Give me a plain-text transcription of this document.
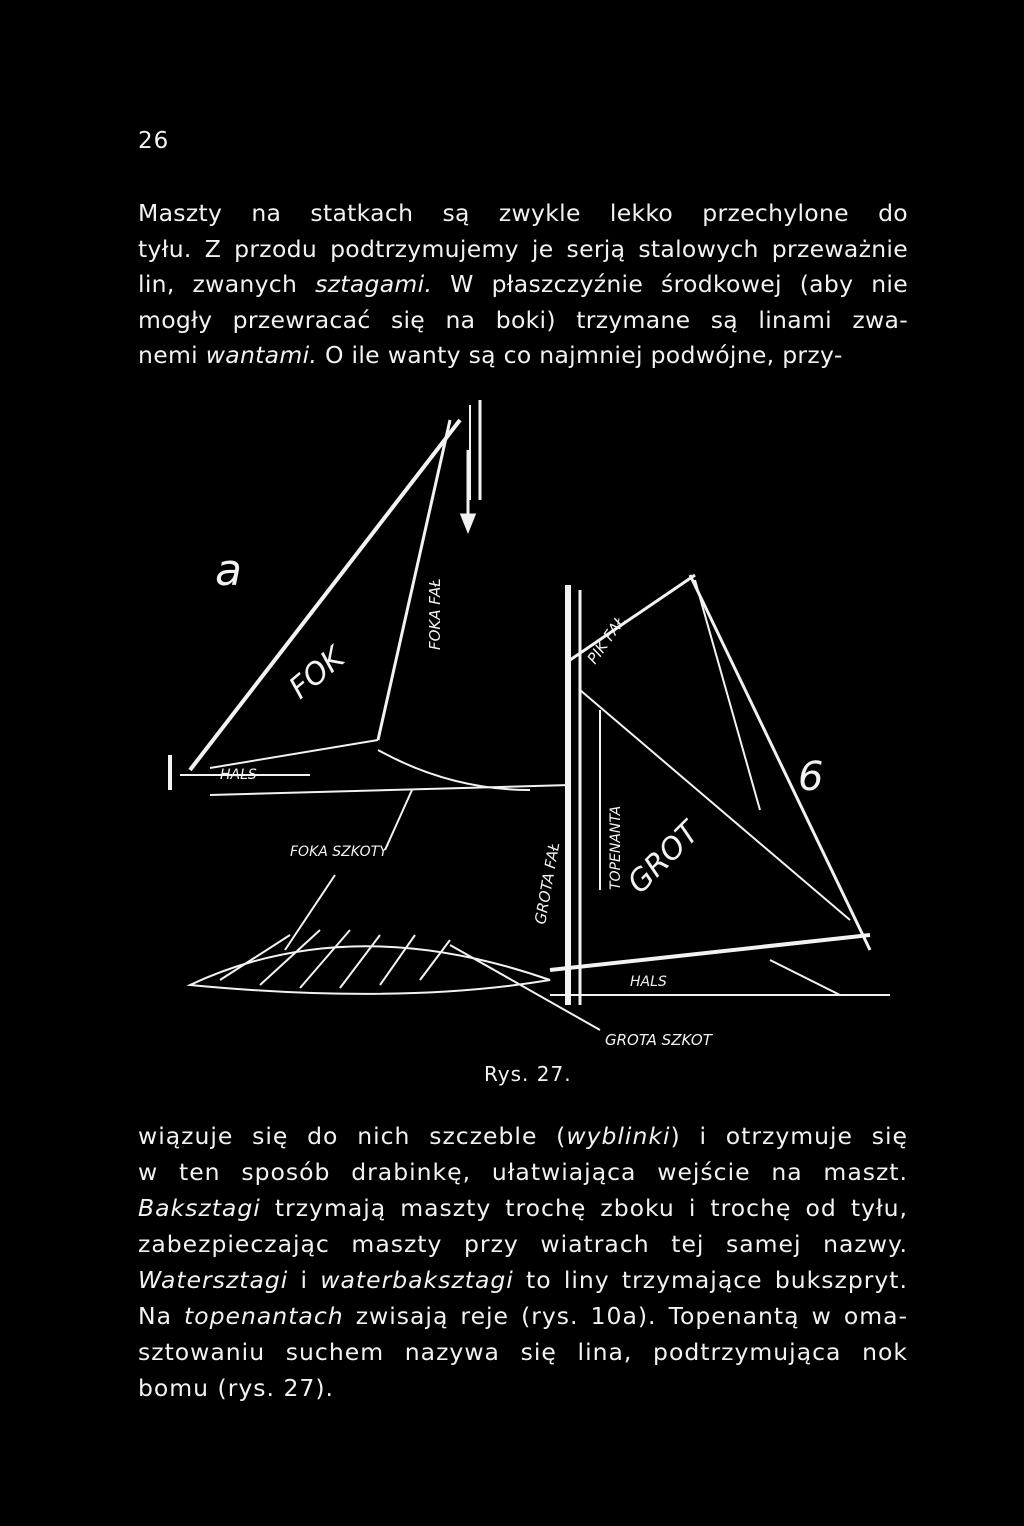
26
Maszty na statkach są zwykle lekko przechylone do
tyłu. Z przodu podtrzymujemy je serją stalowych przeważnie
lin, zwanych sztagami. W płaszczyźnie środkowej (aby nie
mogły przewracać się na boki) trzymane są linami zwa-
nemi wantami. O ile wanty są co najmniej podwójne, przy-
a
FOK
FOKA FAŁ
HALS
FOKA SZKOTY
6
PIK FAŁ
GROTA FAŁ	TOPENANTA
GROT
HALS
GROTA SZKOT
Rys. 27.
wiązuje się do nich szczeble (wyblinki) i otrzymuje się
w ten sposób drabinkę, ułatwiająca wejście na maszt.
Baksztagi trzymają maszty trochę zboku i trochę od tyłu,
zabezpieczając maszty przy wiatrach tej samej nazwy.
Watersztagi i waterbaksztagi to liny trzymające bukszpryt.
Na topenantach zwisają reje (rys. 10a). Topenantą w oma-
sztowaniu suchem nazywa się lina, podtrzymująca nok
bomu (rys. 27).
